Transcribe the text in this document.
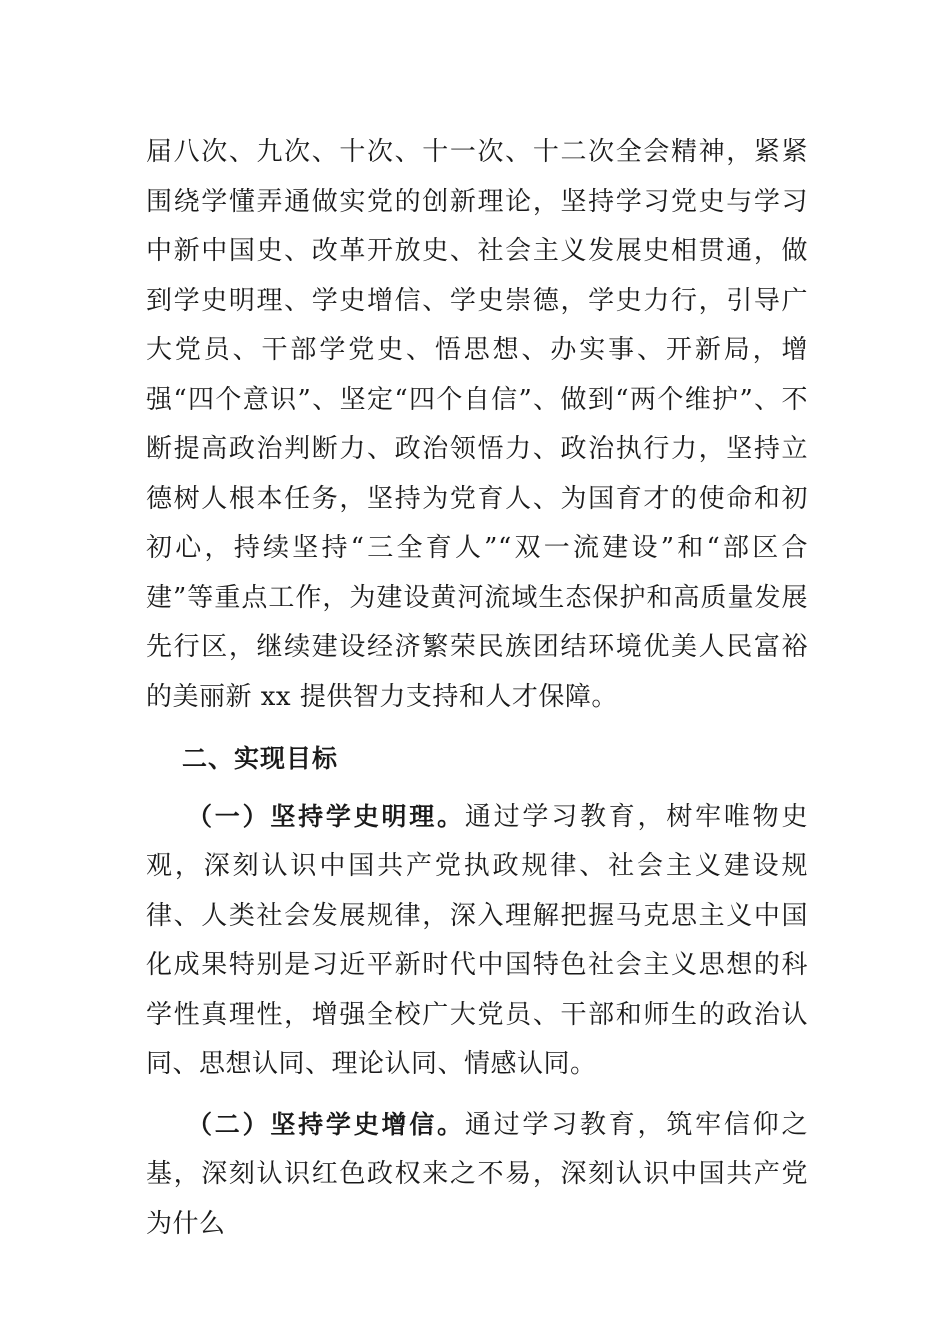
届八次、九次、十次、十一次、十二次全会精神，紧紧围绕学懂弄通做实党的创新理论，坚持学习党史与学习中新中国史、改革开放史、社会主义发展史相贯通，做到学史明理、学史增信、学史崇德，学史力行，引导广大党员、干部学党史、悟思想、办实事、开新局，增强“四个意识”、坚定“四个自信”、做到“两个维护”、不断提高政治判断力、政治领悟力、政治执行力，坚持立德树人根本任务，坚持为党育人、为国育才的使命和初初心，持续坚持“三全育人”“双一流建设”和“部区合建”等重点工作，为建设黄河流域生态保护和高质量发展先行区，继续建设经济繁荣民族团结环境优美人民富裕的美丽新 xx 提供智力支持和人才保障。

二、实现目标

（一）坚持学史明理。通过学习教育，树牢唯物史观，深刻认识中国共产党执政规律、社会主义建设规律、人类社会发展规律，深入理解把握马克思主义中国化成果特别是习近平新时代中国特色社会主义思想的科学性真理性，增强全校广大党员、干部和师生的政治认同、思想认同、理论认同、情感认同。

（二）坚持学史增信。通过学习教育，筑牢信仰之基，深刻认识红色政权来之不易，深刻认识中国共产党为什么
